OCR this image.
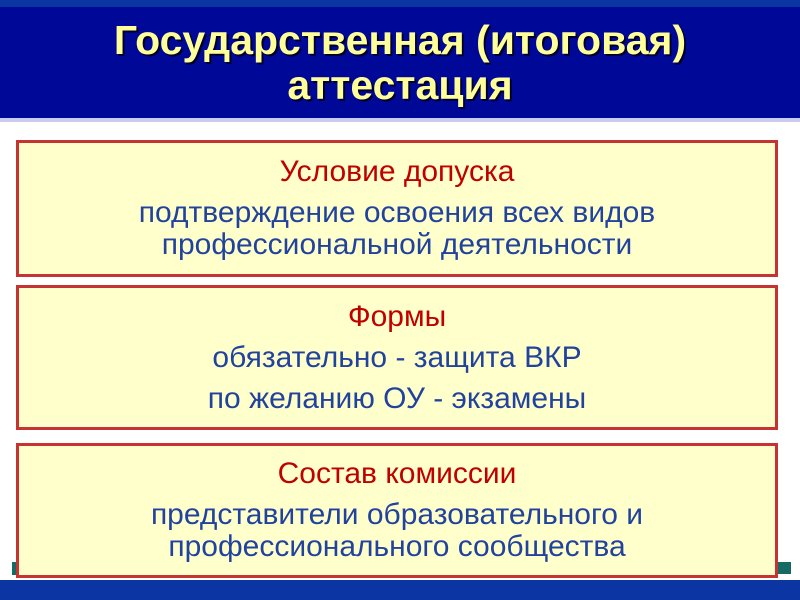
Государственная (итоговая)
аттестация

Условие допуска

подтверждение освоения всех видов профессиональной деятельности

Формы

обязательно - защита ВКР

по желанию ОУ - экзамены

Состав комиссии

представители образовательного и профессионального сообщества
